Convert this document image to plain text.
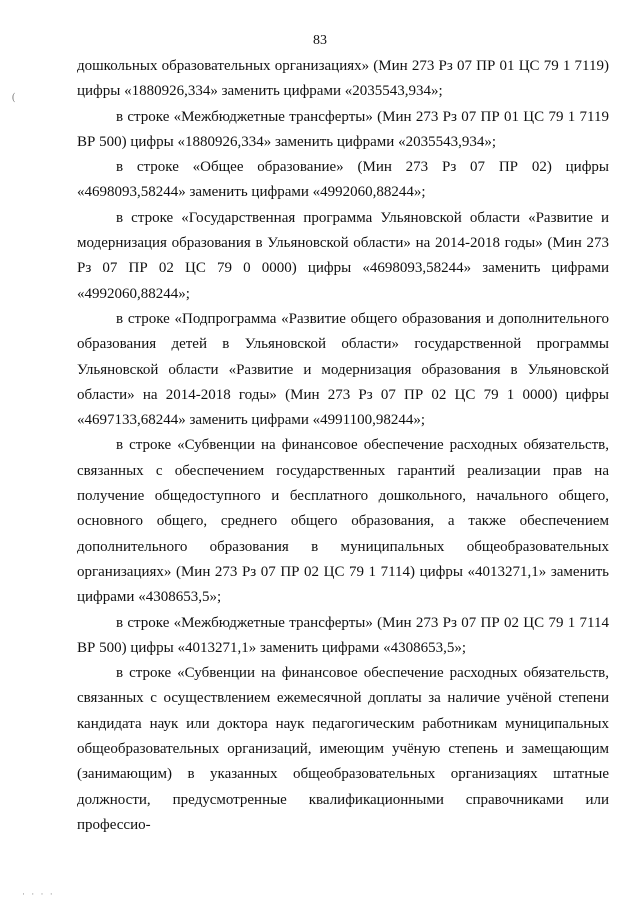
83
(

дошкольных образовательных организациях» (Мин 273 Рз 07 ПР 01 ЦС 79 1 7119) цифры «1880926,334» заменить цифрами «2035543,934»;

в строке «Межбюджетные трансферты» (Мин 273 Рз 07 ПР 01 ЦС 79 1 7119 ВР 500) цифры «1880926,334» заменить цифрами «2035543,934»;

в строке «Общее образование» (Мин 273 Рз 07 ПР 02) цифры «4698093,58244» заменить цифрами «4992060,88244»;

в строке «Государственная программа Ульяновской области «Развитие и модернизация образования в Ульяновской области» на 2014-2018 годы» (Мин 273 Рз 07 ПР 02 ЦС 79 0 0000) цифры «4698093,58244» заменить цифрами «4992060,88244»;

в строке «Подпрограмма «Развитие общего образования и дополнительного образования детей в Ульяновской области» государственной программы Ульяновской области «Развитие и модернизация образования в Ульяновской области» на 2014-2018 годы» (Мин 273 Рз 07 ПР 02 ЦС 79 1 0000) цифры «4697133,68244» заменить цифрами «4991100,98244»;

в строке «Субвенции на финансовое обеспечение расходных обязательств, связанных с обеспечением государственных гарантий реализации прав на получение общедоступного и бесплатного дошкольного, начального общего, основного общего, среднего общего образования, а также обеспечением дополнительного образования в муниципальных общеобразовательных организациях» (Мин 273 Рз 07 ПР 02 ЦС 79 1 7114) цифры «4013271,1» заменить цифрами «4308653,5»;

в строке «Межбюджетные трансферты» (Мин 273 Рз 07 ПР 02 ЦС 79 1 7114 ВР 500) цифры «4013271,1» заменить цифрами «4308653,5»;

в строке «Субвенции на финансовое обеспечение расходных обязательств, связанных с осуществлением ежемесячной доплаты за наличие учёной степени кандидата наук или доктора наук педагогическим работникам муниципальных общеобразовательных организаций, имеющим учёную степень и замещающим (занимающим) в указанных общеобразовательных организациях штатные должности, предусмотренные квалификационными справочниками или профессио-

· · · ·
